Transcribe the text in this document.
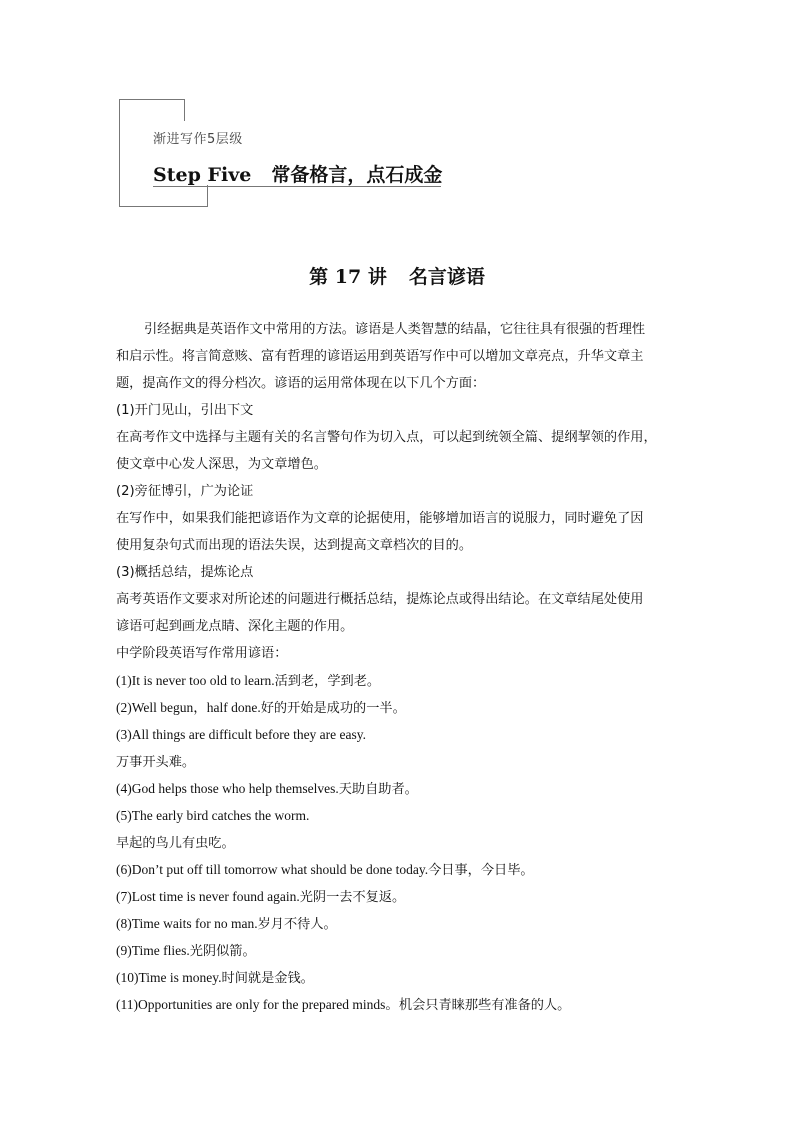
渐进写作5层级
Step Five 常备格言，点石成金
第 17 讲 名言谚语
引经据典是英语作文中常用的方法。谚语是人类智慧的结晶，它往往具有很强的哲理性
和启示性。将言简意赅、富有哲理的谚语运用到英语写作中可以增加文章亮点，升华文章主
题，提高作文的得分档次。谚语的运用常体现在以下几个方面：
(1)开门见山，引出下文
在高考作文中选择与主题有关的名言警句作为切入点，可以起到统领全篇、提纲挈领的作用，
使文章中心发人深思，为文章增色。
(2)旁征博引，广为论证
在写作中，如果我们能把谚语作为文章的论据使用，能够增加语言的说服力，同时避免了因
使用复杂句式而出现的语法失误，达到提高文章档次的目的。
(3)概括总结，提炼论点
高考英语作文要求对所论述的问题进行概括总结，提炼论点或得出结论。在文章结尾处使用
谚语可起到画龙点睛、深化主题的作用。
中学阶段英语写作常用谚语：
(1)It is never too old to learn.活到老，学到老。
(2)Well begun，half done.好的开始是成功的一半。
(3)All things are difficult before they are easy.
万事开头难。
(4)God helps those who help themselves.天助自助者。
(5)The early bird catches the worm.
早起的鸟儿有虫吃。
(6)Don’t put off till tomorrow what should be done today.今日事，今日毕。
(7)Lost time is never found again.光阴一去不复返。
(8)Time waits for no man.岁月不待人。
(9)Time flies.光阴似箭。
(10)Time is money.时间就是金钱。
(11)Opportunities are only for the prepared minds。机会只青睐那些有准备的人。
